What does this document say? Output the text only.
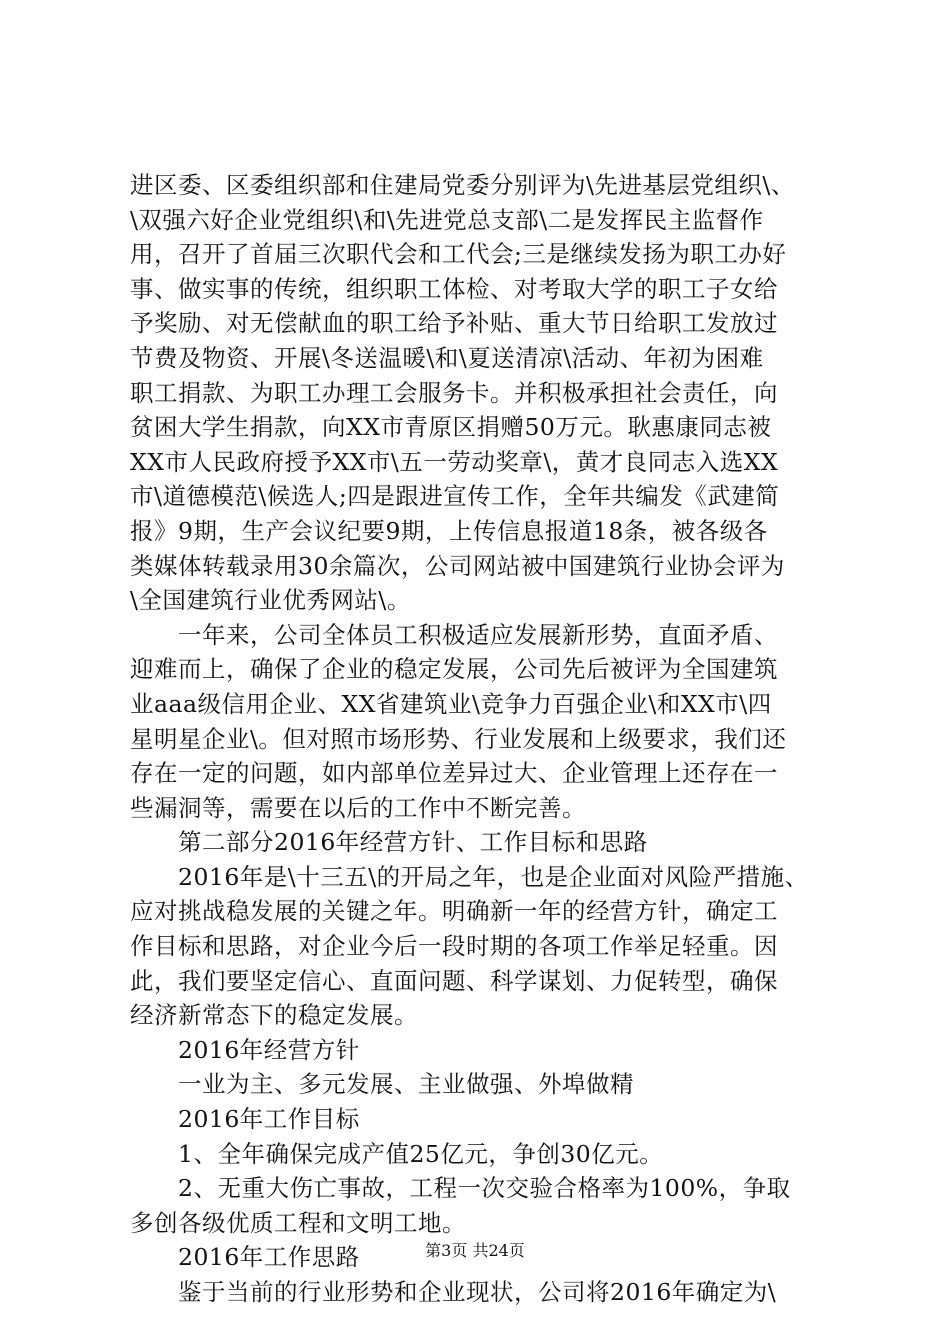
进区委、区委组织部和住建局党委分别评为\先进基层党组织\、
\双强六好企业党组织\和\先进党总支部\二是发挥民主监督作
用，召开了首届三次职代会和工代会;三是继续发扬为职工办好
事、做实事的传统，组织职工体检、对考取大学的职工子女给
予奖励、对无偿献血的职工给予补贴、重大节日给职工发放过
节费及物资、开展\冬送温暖\和\夏送清凉\活动、年初为困难
职工捐款、为职工办理工会服务卡。并积极承担社会责任，向
贫困大学生捐款，向XX市青原区捐赠50万元。耿惠康同志被
XX市人民政府授予XX市\五一劳动奖章\，黄才良同志入选XX
市\道德模范\候选人;四是跟进宣传工作，全年共编发《武建简
报》9期，生产会议纪要9期，上传信息报道18条，被各级各
类媒体转载录用30余篇次，公司网站被中国建筑行业协会评为
\全国建筑行业优秀网站\。
　　一年来，公司全体员工积极适应发展新形势，直面矛盾、
迎难而上，确保了企业的稳定发展，公司先后被评为全国建筑
业aaa级信用企业、XX省建筑业\竞争力百强企业\和XX市\四
星明星企业\。但对照市场形势、行业发展和上级要求，我们还
存在一定的问题，如内部单位差异过大、企业管理上还存在一
些漏洞等，需要在以后的工作中不断完善。
　　第二部分2016年经营方针、工作目标和思路
　　2016年是\十三五\的开局之年，也是企业面对风险严措施、
应对挑战稳发展的关键之年。明确新一年的经营方针，确定工
作目标和思路，对企业今后一段时期的各项工作举足轻重。因
此，我们要坚定信心、直面问题、科学谋划、力促转型，确保
经济新常态下的稳定发展。
　　2016年经营方针
　　一业为主、多元发展、主业做强、外埠做精
　　2016年工作目标
　　1、全年确保完成产值25亿元，争创30亿元。
　　2、无重大伤亡事故，工程一次交验合格率为100%，争取
多创各级优质工程和文明工地。
　　2016年工作思路
　　鉴于当前的行业形势和企业现状，公司将2016年确定为\
第3页 共24页
